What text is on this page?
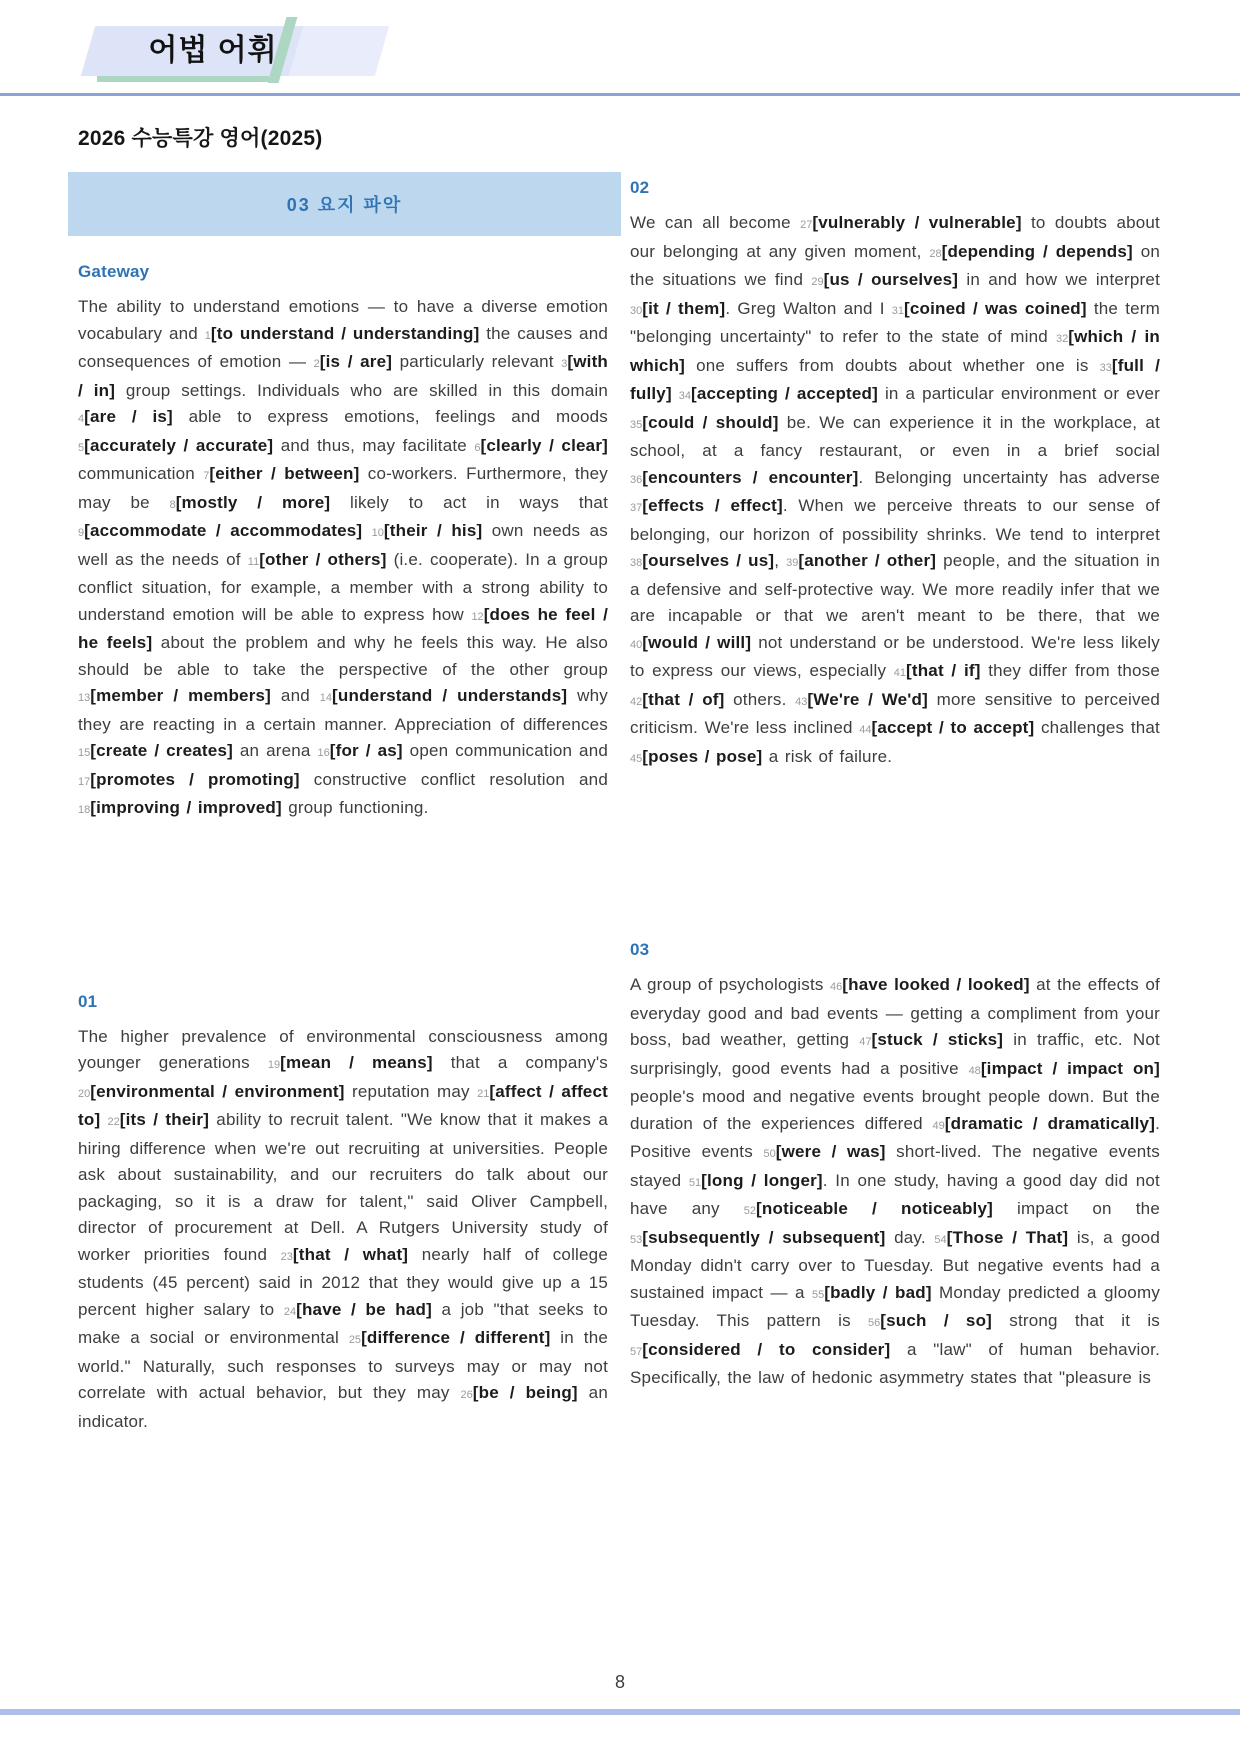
어법 어휘
2026 수능특강 영어(2025)
03 요지 파악
Gateway

The ability to understand emotions — to have a diverse emotion vocabulary and 1[to understand / understanding] the causes and consequences of emotion — 2[is / are] particularly relevant 3[with / in] group settings. Individuals who are skilled in this domain 4[are / is] able to express emotions, feelings and moods 5[accurately / accurate] and thus, may facilitate 6[clearly / clear] communication 7[either / between] co-workers. Furthermore, they may be 8[mostly / more] likely to act in ways that 9[accommodate / accommodates] 10[their / his] own needs as well as the needs of 11[other / others] (i.e. cooperate). In a group conflict situation, for example, a member with a strong ability to understand emotion will be able to express how 12[does he feel / he feels] about the problem and why he feels this way. He also should be able to take the perspective of the other group 13[member / members] and 14[understand / understands] why they are reacting in a certain manner. Appreciation of differences 15[create / creates] an arena 16[for / as] open communication and 17[promotes / promoting] constructive conflict resolution and 18[improving / improved] group functioning.

01

The higher prevalence of environmental consciousness among younger generations 19[mean / means] that a company's 20[environmental / environment] reputation may 21[affect / affect to] 22[its / their] ability to recruit talent. "We know that it makes a hiring difference when we're out recruiting at universities. People ask about sustainability, and our recruiters do talk about our packaging, so it is a draw for talent," said Oliver Campbell, director of procurement at Dell. A Rutgers University study of worker priorities found 23[that / what] nearly half of college students (45 percent) said in 2012 that they would give up a 15 percent higher salary to 24[have / be had] a job "that seeks to make a social or environmental 25[difference / different] in the world." Naturally, such responses to surveys may or may not correlate with actual behavior, but they may 26[be / being] an indicator.

02

We can all become 27[vulnerably / vulnerable] to doubts about our belonging at any given moment, 28[depending / depends] on the situations we find 29[us / ourselves] in and how we interpret 30[it / them]. Greg Walton and I 31[coined / was coined] the term "belonging uncertainty" to refer to the state of mind 32[which / in which] one suffers from doubts about whether one is 33[full / fully] 34[accepting / accepted] in a particular environment or ever 35[could / should] be. We can experience it in the workplace, at school, at a fancy restaurant, or even in a brief social 36[encounters / encounter]. Belonging uncertainty has adverse 37[effects / effect]. When we perceive threats to our sense of belonging, our horizon of possibility shrinks. We tend to interpret 38[ourselves / us], 39[another / other] people, and the situation in a defensive and self-protective way. We more readily infer that we are incapable or that we aren't meant to be there, that we 40[would / will] not understand or be understood. We're less likely to express our views, especially 41[that / if] they differ from those 42[that / of] others. 43[We're / We'd] more sensitive to perceived criticism. We're less inclined 44[accept / to accept] challenges that 45[poses / pose] a risk of failure.

03

A group of psychologists 46[have looked / looked] at the effects of everyday good and bad events — getting a compliment from your boss, bad weather, getting 47[stuck / sticks] in traffic, etc. Not surprisingly, good events had a positive 48[impact / impact on] people's mood and negative events brought people down. But the duration of the experiences differed 49[dramatic / dramatically]. Positive events 50[were / was] short-lived. The negative events stayed 51[long / longer]. In one study, having a good day did not have any 52[noticeable / noticeably] impact on the 53[subsequently / subsequent] day. 54[Those / That] is, a good Monday didn't carry over to Tuesday. But negative events had a sustained impact — a 55[badly / bad] Monday predicted a gloomy Tuesday. This pattern is 56[such / so] strong that it is 57[considered / to consider] a "law" of human behavior. Specifically, the law of hedonic asymmetry states that "pleasure is

8
